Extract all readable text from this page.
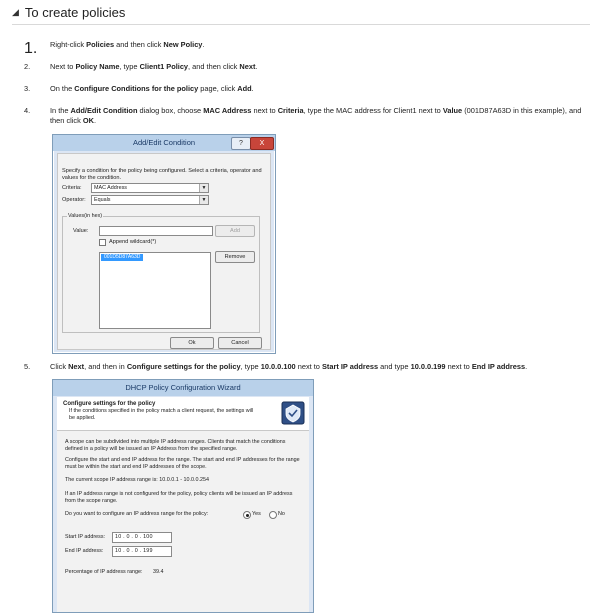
◢ To create policies
1. Right-click Policies and then click New Policy.
2.	Next to Policy Name, type Client1 Policy, and then click Next.
3.	On the Configure Conditions for the policy page, click Add.
4.	In the Add/Edit Condition dialog box, choose MAC Address next to Criteria, type the MAC address for Client1 next to Value (001D87A63D in this example), and then click OK.
5.	Click Next, and then in Configure settings for the policy, type 10.0.0.100 next to Start IP address and type 10.0.0.199 next to End IP address.
Add/Edit Condition	?	X
Specify a condition for the policy being configured. Select a criteria, operator and values for the condition.
Criteria:	MAC Address	▼
Operator:	Equals	▼
Values(in hex)
Value:	Add
Append wildcard(*)
001D5D87A63D	Remove
Ok	Cancel
DHCP Policy Configuration Wizard
Configure settings for the policy
If the conditions specified in the policy match a client request, the settings will be applied.
A scope can be subdivided into multiple IP address ranges. Clients that match the conditions defined in a policy will be issued an IP Address from the specified range.
Configure the start and end IP address for the range. The start and end IP addresses for the range must be within the start and end IP addresses of the scope.
The current scope IP address range is: 10.0.0.1 - 10.0.0.254
If an IP address range is not configured for the policy, policy clients will be issued an IP address from the scope range.
Do you want to configure an IP address range for the policy:	Yes	No
Start IP address:	10 . 0 . 0 . 100
End IP address:	10 . 0 . 0 . 199
Percentage of IP address range: 39.4
